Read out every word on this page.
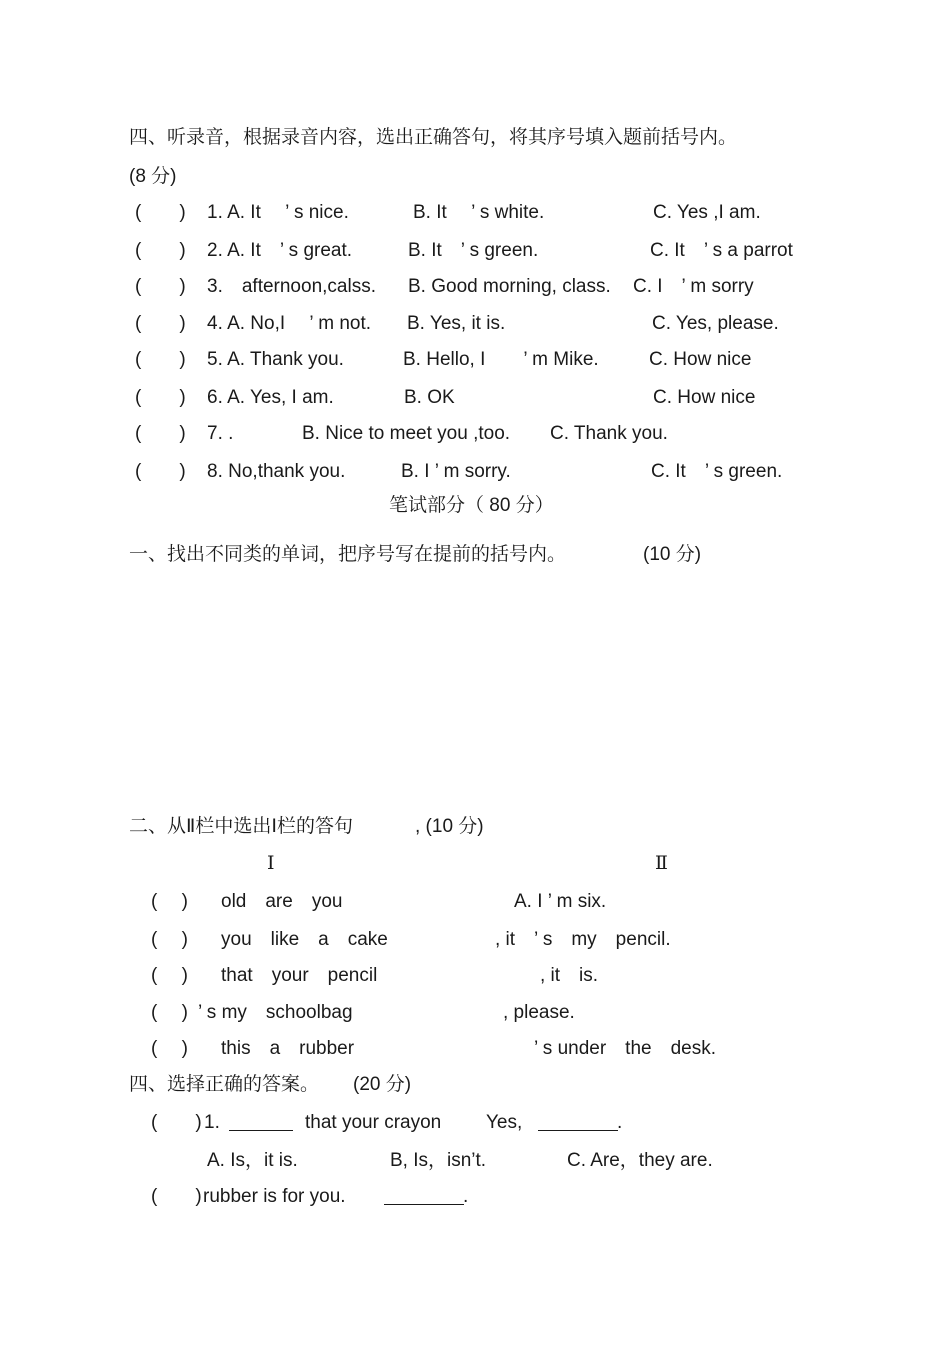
四、听录音，根据录音内容，选出正确答句，将其序号填入题前括号内。
(8 分)
(　　) 1. A. It　 ’ s nice.	B. It　 ’ s white.	C. Yes ,I am.
(　　) 2. A. It　’ s great.	B. It　’ s green.	C. It　’ s a parrot
(　　) 3.　afternoon,calss. B. Good morning, class. C. I　’ m sorry
(　　) 4. A. No,I　 ’ m not. B. Yes, it is.	C. Yes, please.
(　　) 5. A. Thank you.	B. Hello, I　　’ m Mike.	C. How nice
(　　) 6. A. Yes, I am.	B. OK	C. How nice
(　　) 7. .	B. Nice to meet you ,too. C. Thank you.
(　　) 8. No,thank you.	B. I ’ m sorry.	C. It　’ s green.
笔试部分（ 80 分）
一、找出不同类的单词，把序号写在提前的括号内。	(10 分)
二、从Ⅱ栏中选出Ⅰ栏的答句	, (10 分)
Ⅰ	Ⅱ
(　 ) old　are　you	A. I ’ m six.
(　 ) you　like　a　cake	, it　’ s　my　pencil.
(　 ) that　your　pencil	, it　is.
(　 ) ’ s my　schoolbag	, please.
(　 ) this　a　rubber	’ s under　the　desk.
四、选择正确的答案。 (20 分)
(　　) 1.	that your crayon Yes,	.
A. Is，it is.	B, Is，isn’t.	C. Are，they are.
(　　) rubber is for you.	.
